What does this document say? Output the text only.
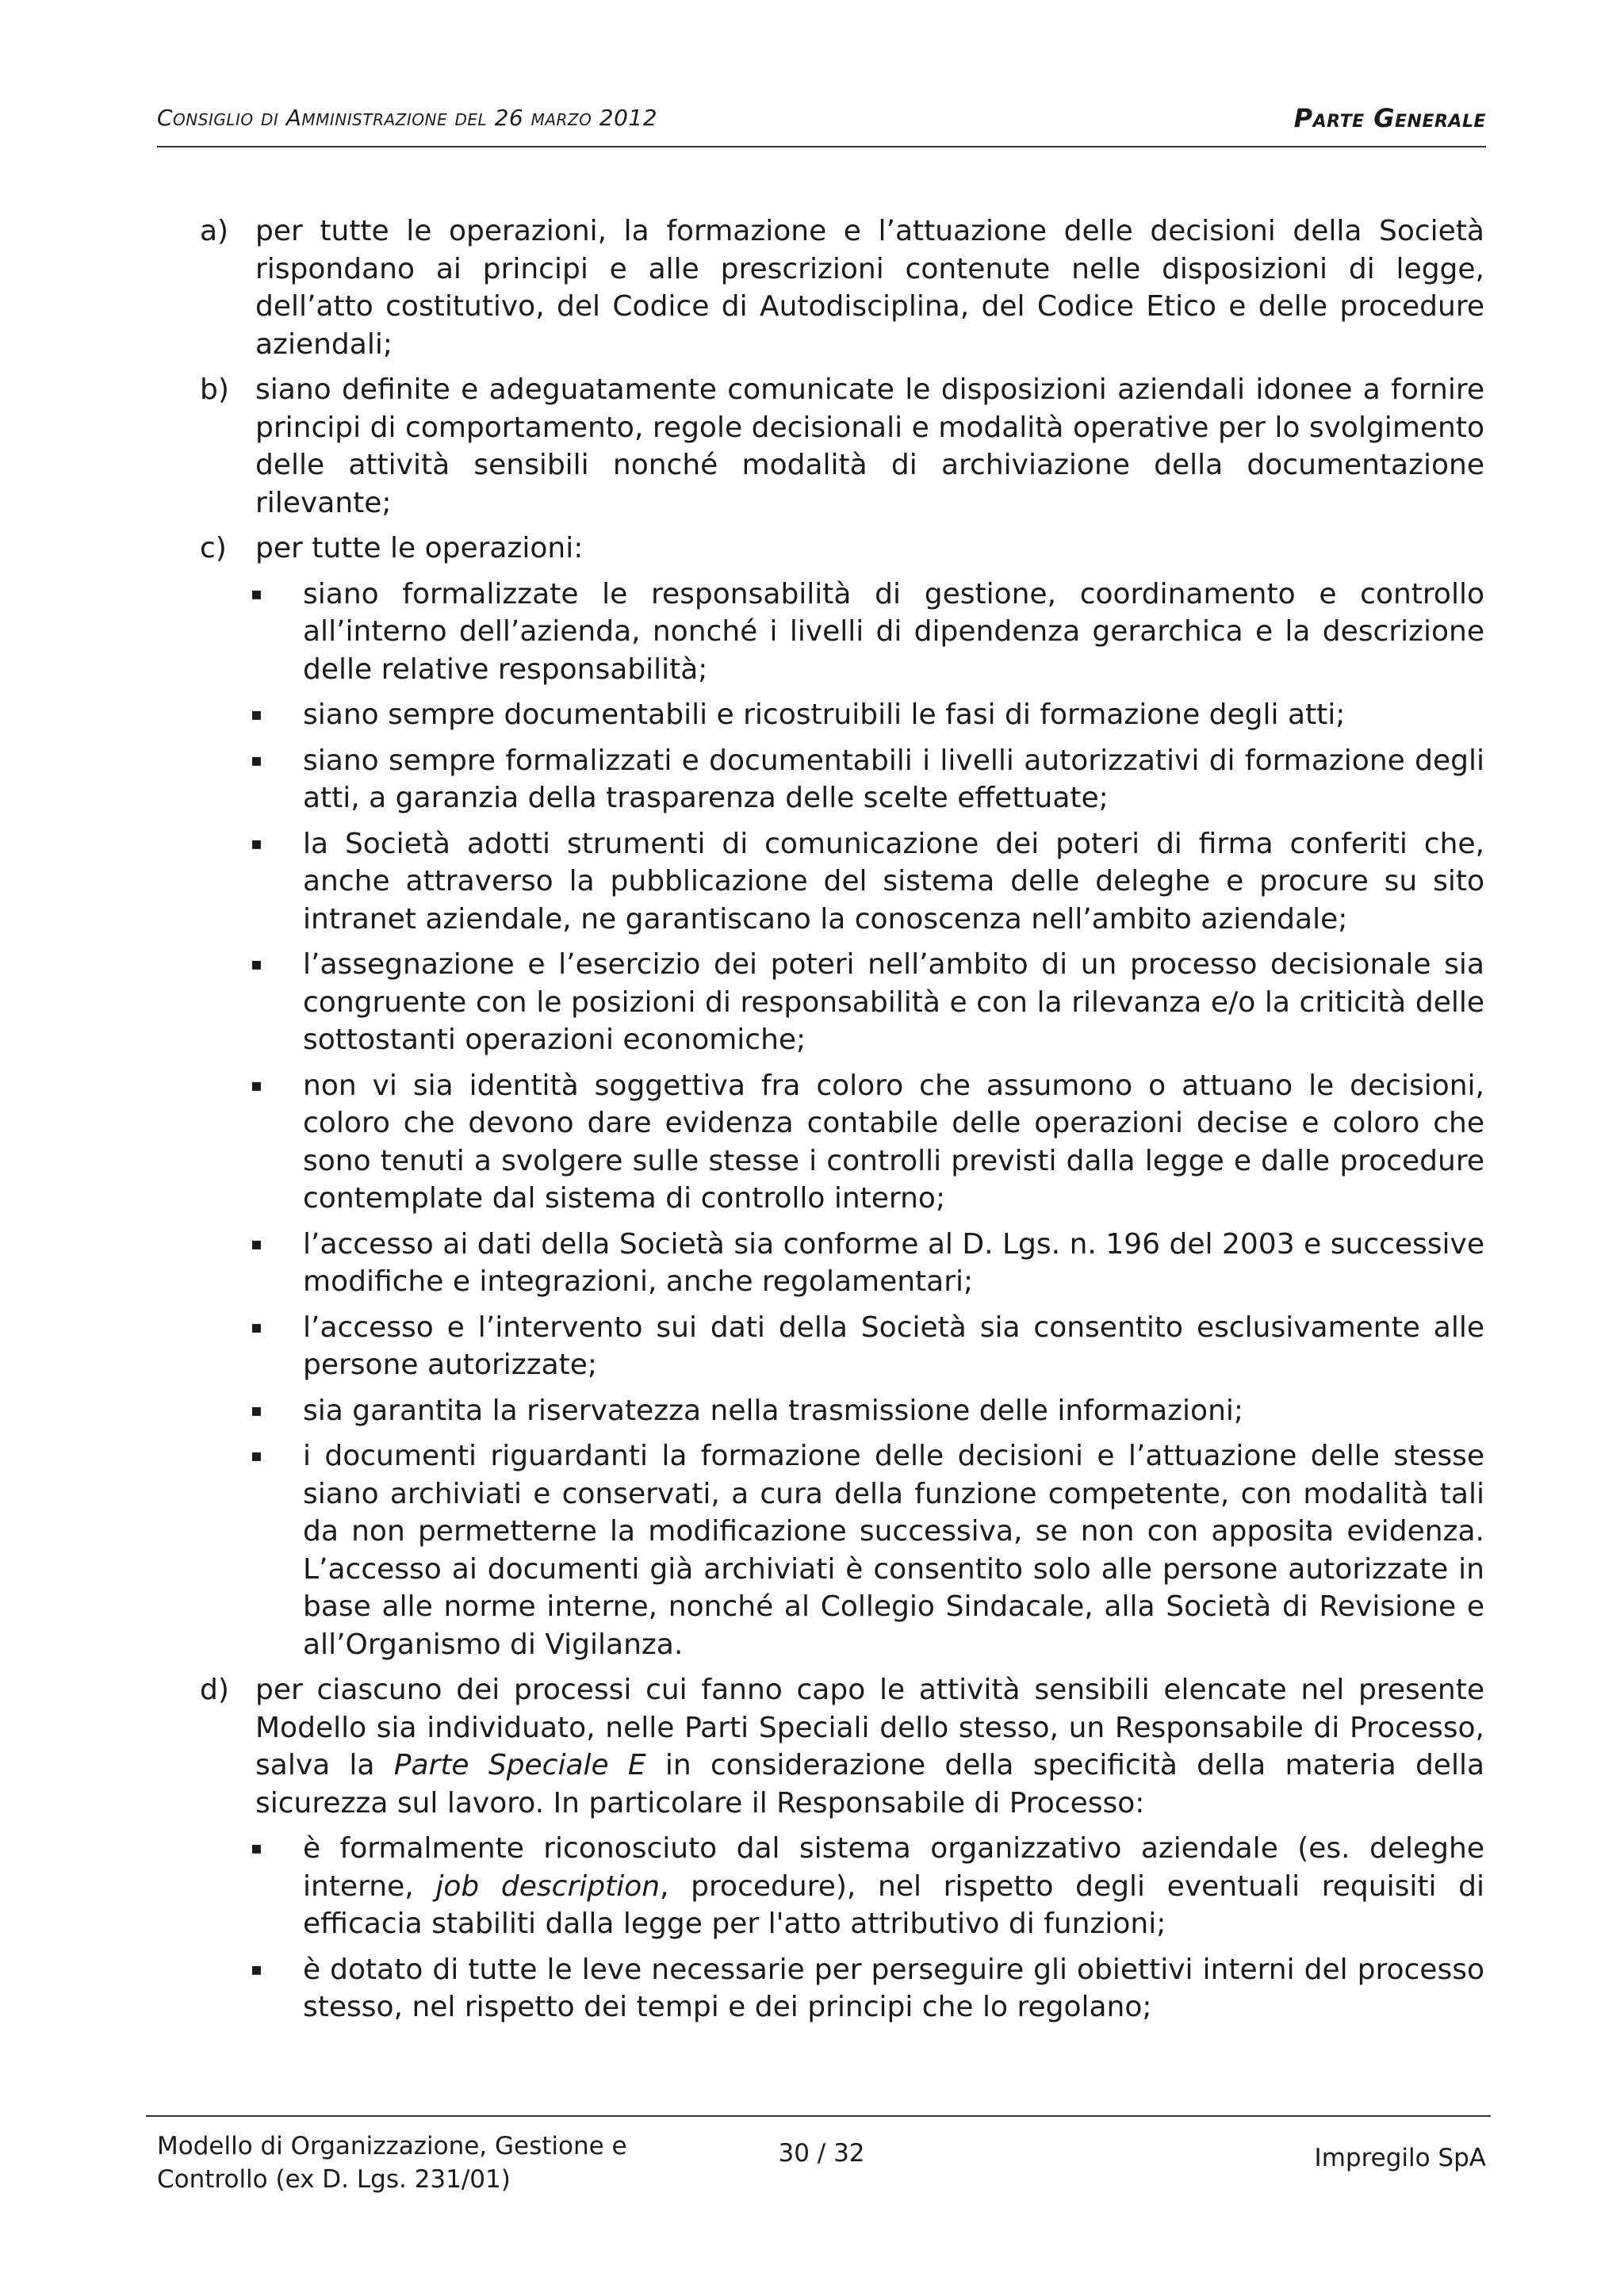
Consiglio di Amministrazione del 26 marzo 2012	Parte Generale
a) per tutte le operazioni, la formazione e l’attuazione delle decisioni della Società rispondano ai principi e alle prescrizioni contenute nelle disposizioni di legge, dell’atto costitutivo, del Codice di Autodisciplina, del Codice Etico e delle procedure aziendali;

b) siano definite e adeguatamente comunicate le disposizioni aziendali idonee a fornire principi di comportamento, regole decisionali e modalità operative per lo svolgimento delle attività sensibili nonché modalità di archiviazione della documentazione rilevante;

c) per tutte le operazioni:

▪ siano formalizzate le responsabilità di gestione, coordinamento e controllo all’interno dell’azienda, nonché i livelli di dipendenza gerarchica e la descrizione delle relative responsabilità;

▪ siano sempre documentabili e ricostruibili le fasi di formazione degli atti;

▪ siano sempre formalizzati e documentabili i livelli autorizzativi di formazione degli atti, a garanzia della trasparenza delle scelte effettuate;

▪ la Società adotti strumenti di comunicazione dei poteri di firma conferiti che, anche attraverso la pubblicazione del sistema delle deleghe e procure su sito intranet aziendale, ne garantiscano la conoscenza nell’ambito aziendale;

▪ l’assegnazione e l’esercizio dei poteri nell’ambito di un processo decisionale sia congruente con le posizioni di responsabilità e con la rilevanza e/o la criticità delle sottostanti operazioni economiche;

▪ non vi sia identità soggettiva fra coloro che assumono o attuano le decisioni, coloro che devono dare evidenza contabile delle operazioni decise e coloro che sono tenuti a svolgere sulle stesse i controlli previsti dalla legge e dalle procedure contemplate dal sistema di controllo interno;

▪ l’accesso ai dati della Società sia conforme al D. Lgs. n. 196 del 2003 e successive modifiche e integrazioni, anche regolamentari;

▪ l’accesso e l’intervento sui dati della Società sia consentito esclusivamente alle persone autorizzate;

▪ sia garantita la riservatezza nella trasmissione delle informazioni;

▪ i documenti riguardanti la formazione delle decisioni e l’attuazione delle stesse siano archiviati e conservati, a cura della funzione competente, con modalità tali da non permetterne la modificazione successiva, se non con apposita evidenza. L’accesso ai documenti già archiviati è consentito solo alle persone autorizzate in base alle norme interne, nonché al Collegio Sindacale, alla Società di Revisione e all’Organismo di Vigilanza.

d) per ciascuno dei processi cui fanno capo le attività sensibili elencate nel presente Modello sia individuato, nelle Parti Speciali dello stesso, un Responsabile di Processo, salva la Parte Speciale E in considerazione della specificità della materia della sicurezza sul lavoro. In particolare il Responsabile di Processo:

▪ è formalmente riconosciuto dal sistema organizzativo aziendale (es. deleghe interne, job description, procedure), nel rispetto degli eventuali requisiti di efficacia stabiliti dalla legge per l'atto attributivo di funzioni;

▪ è dotato di tutte le leve necessarie per perseguire gli obiettivi interni del processo stesso, nel rispetto dei tempi e dei principi che lo regolano;

Modello di Organizzazione, Gestione e
Controllo (ex D. Lgs. 231/01)
30 / 32	Impregilo SpA
